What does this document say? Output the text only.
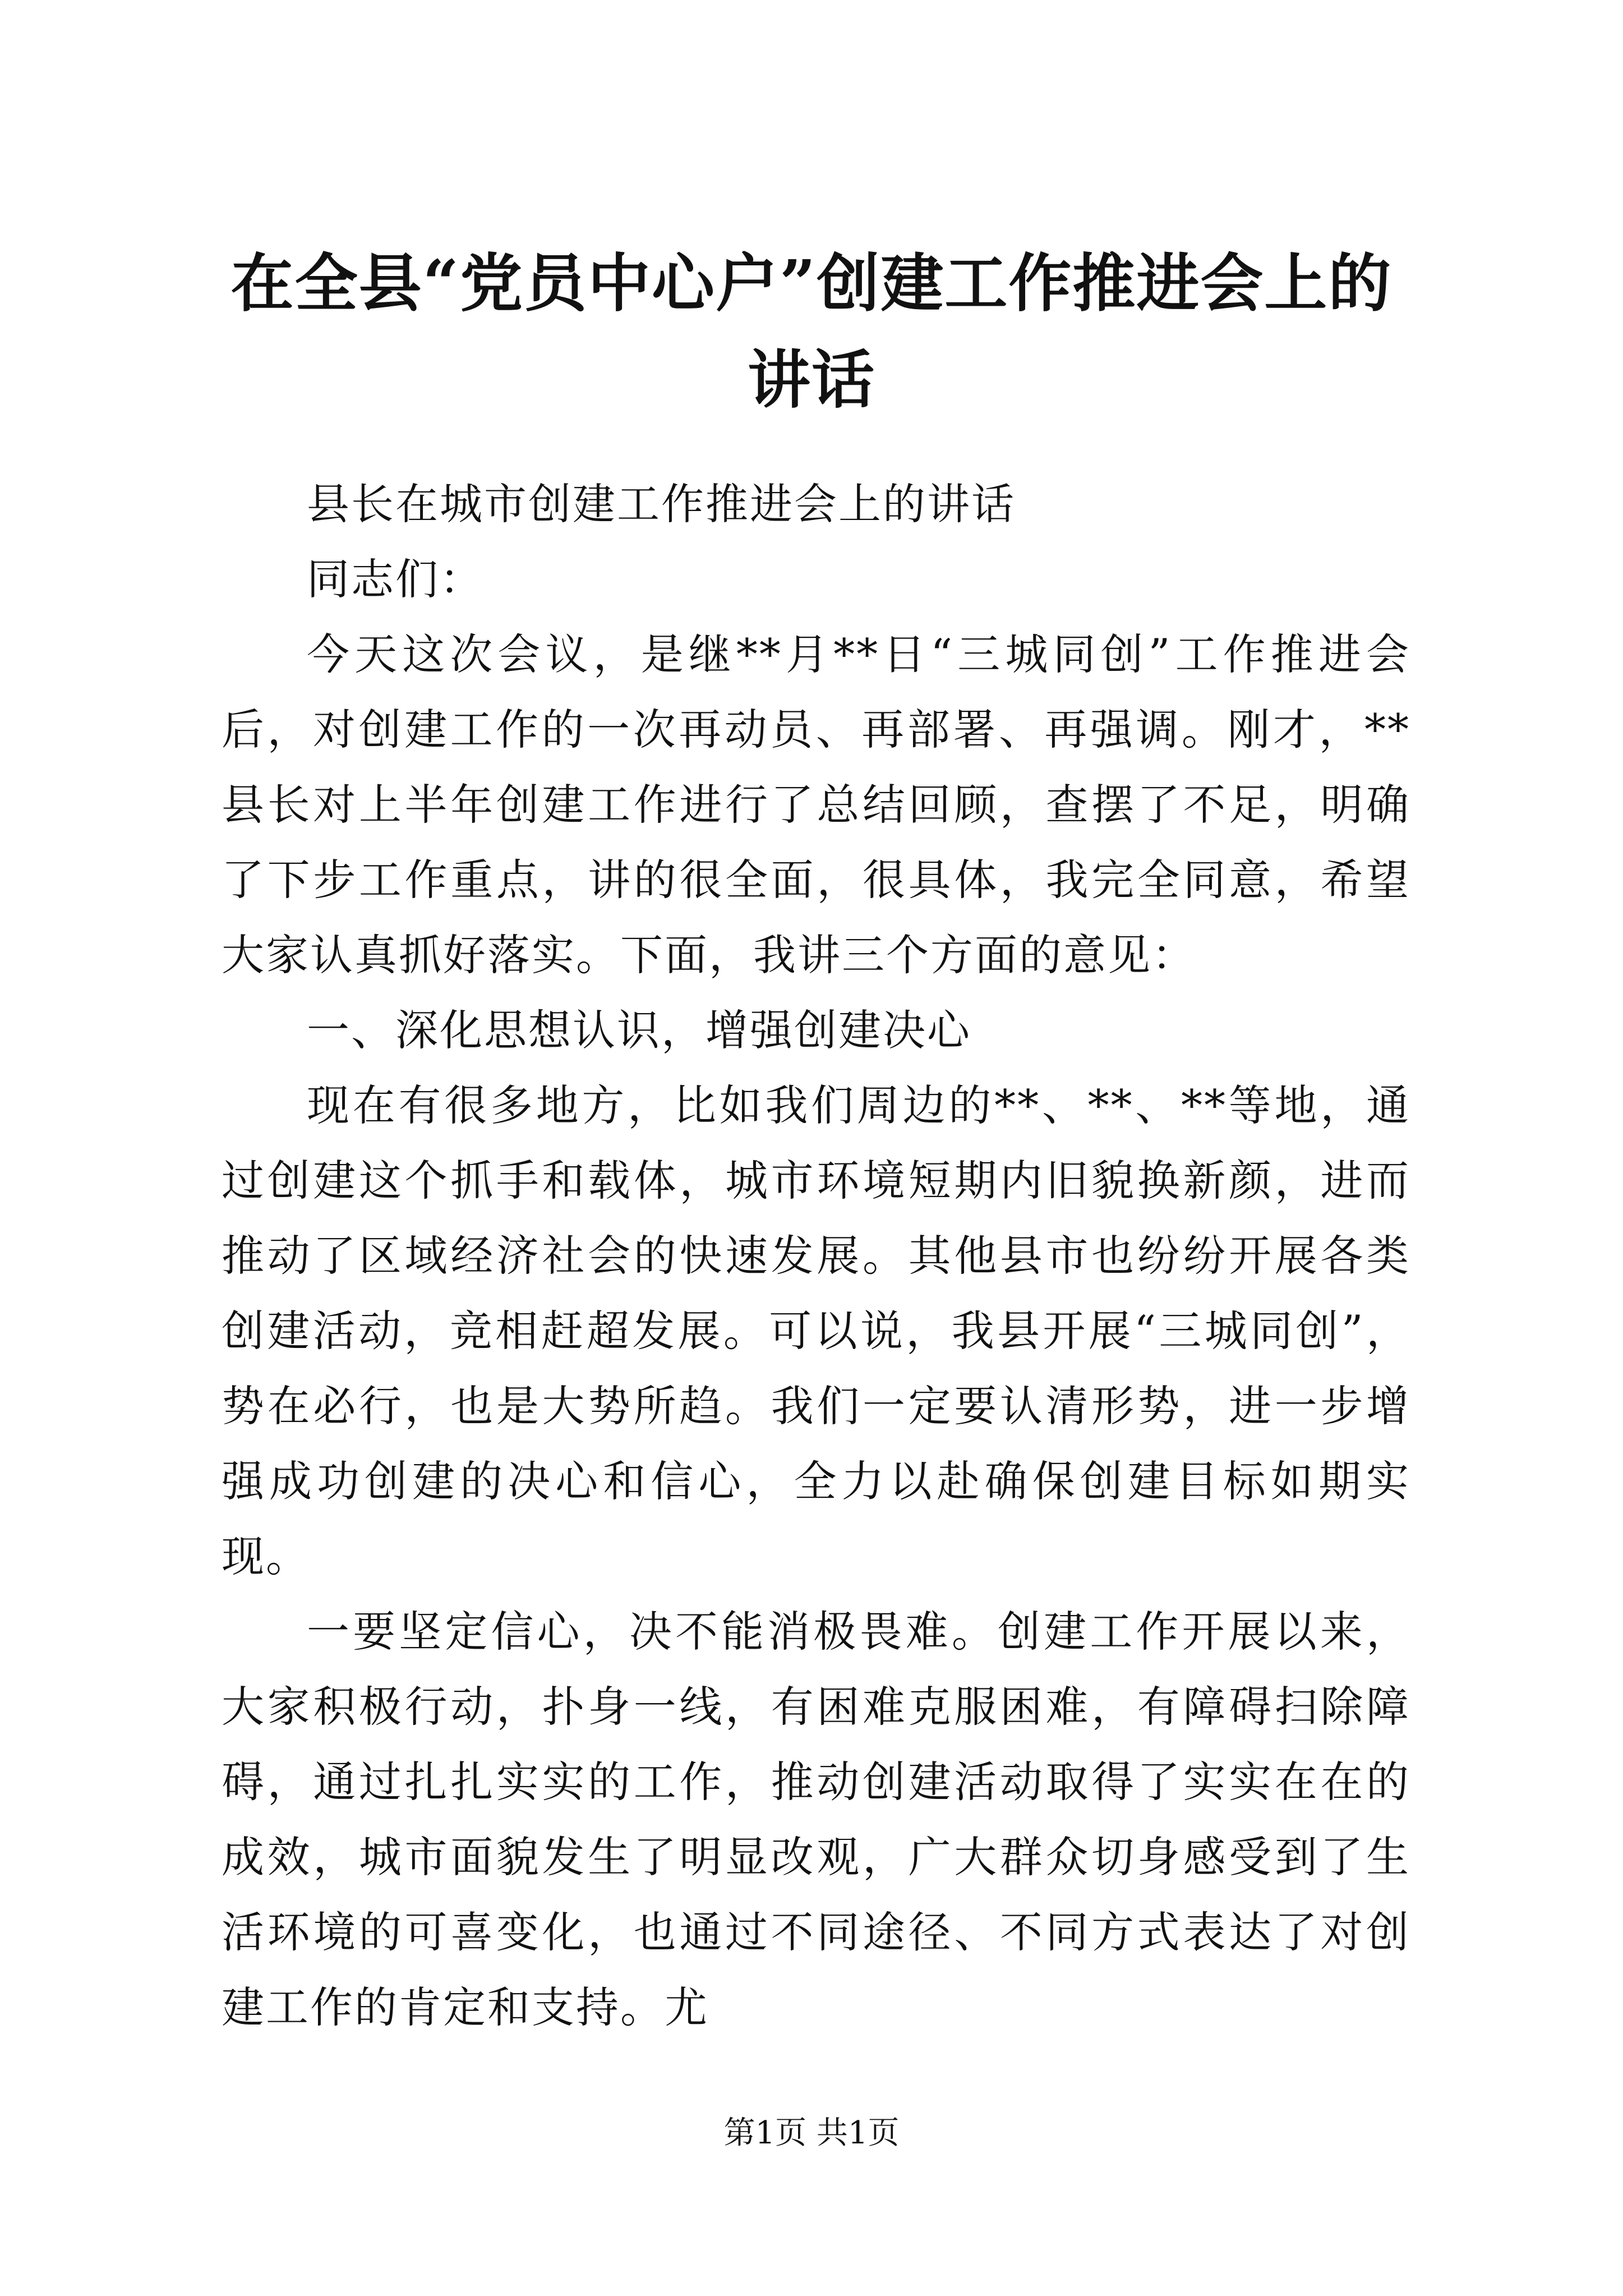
在全县“党员中心户”创建工作推进会上的讲话

县长在城市创建工作推进会上的讲话

同志们：

今天这次会议，是继**月**日“三城同创”工作推进会后，对创建工作的一次再动员、再部署、再强调。刚才，**县长对上半年创建工作进行了总结回顾，查摆了不足，明确了下步工作重点，讲的很全面，很具体，我完全同意，希望大家认真抓好落实。下面，我讲三个方面的意见：

一、深化思想认识，增强创建决心

现在有很多地方，比如我们周边的**、**、**等地，通过创建这个抓手和载体，城市环境短期内旧貌换新颜，进而推动了区域经济社会的快速发展。其他县市也纷纷开展各类创建活动，竞相赶超发展。可以说，我县开展“三城同创”，势在必行，也是大势所趋。我们一定要认清形势，进一步增强成功创建的决心和信心，全力以赴确保创建目标如期实现。

一要坚定信心，决不能消极畏难。创建工作开展以来，大家积极行动，扑身一线，有困难克服困难，有障碍扫除障碍，通过扎扎实实的工作，推动创建活动取得了实实在在的成效，城市面貌发生了明显改观，广大群众切身感受到了生活环境的可喜变化，也通过不同途径、不同方式表达了对创建工作的肯定和支持。尤

第1页 共1页
